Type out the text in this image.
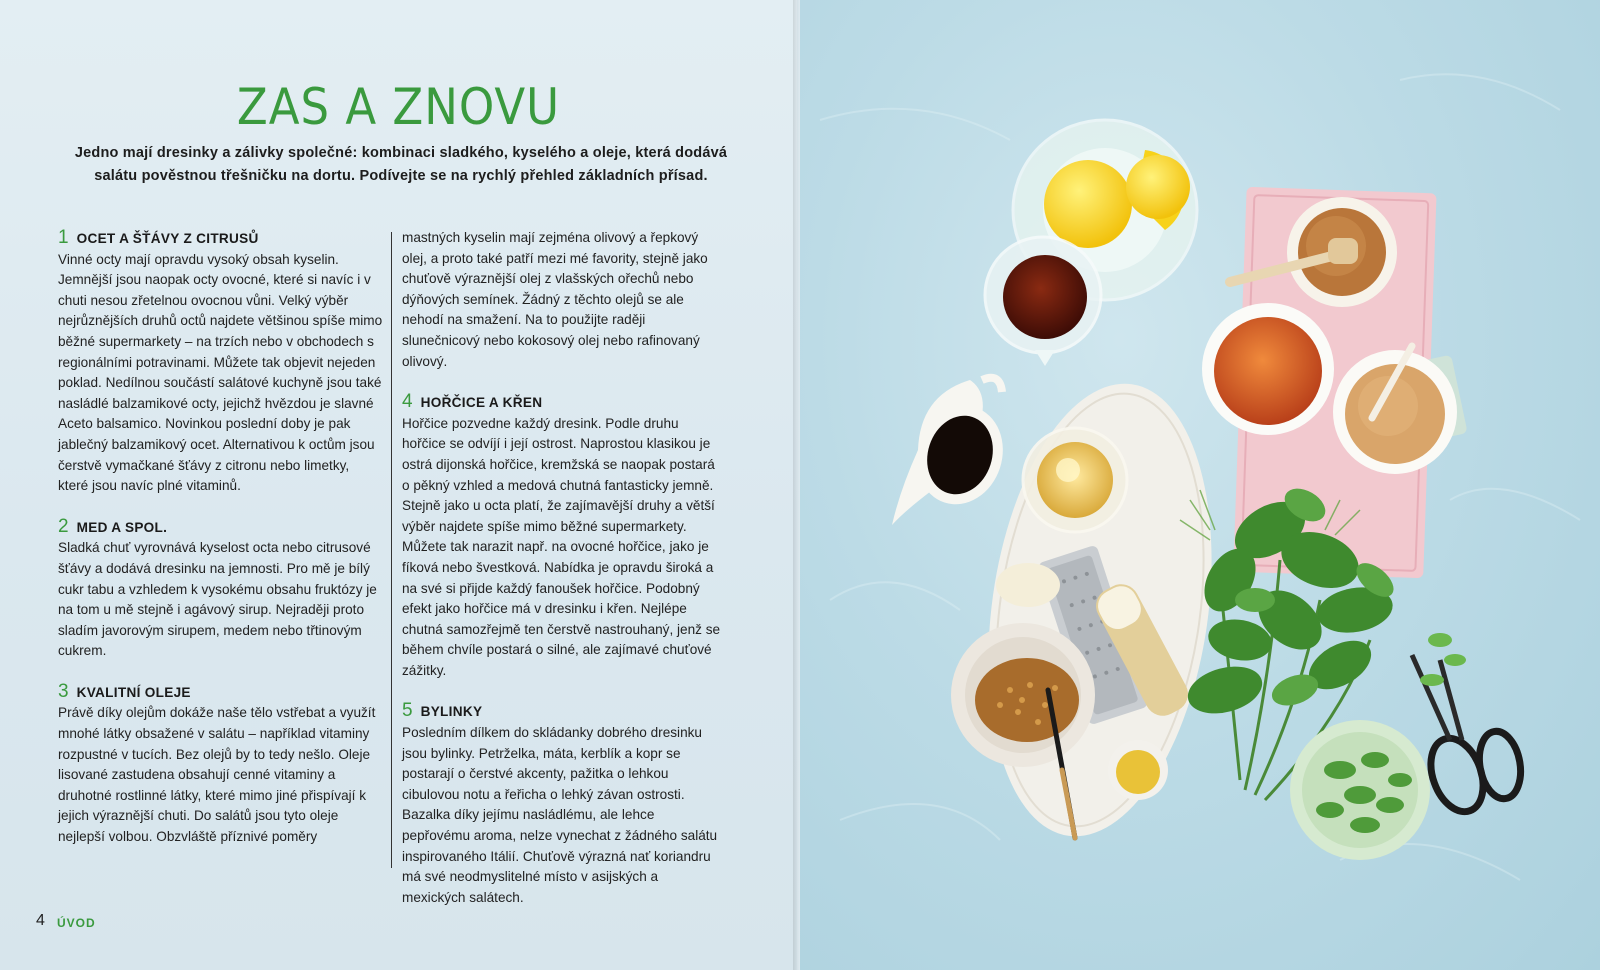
ZAS A ZNOVU
Jedno mají dresinky a zálivky společné: kombinaci sladkého, kyselého a oleje, která dodává salátu pověstnou třešničku na dortu. Podívejte se na rychlý přehled základních přísad.
1 OCET A ŠŤÁVY Z CITRUSŮ

Vinné octy mají opravdu vysoký obsah kyselin. Jemnější jsou naopak octy ovocné, které si navíc i v chuti nesou zřetelnou ovocnou vůni. Velký výběr nejrůznějších druhů octů najdete většinou spíše mimo běžné supermarkety – na trzích nebo v obchodech s regionálními potravinami. Můžete tak objevit nejeden poklad. Nedílnou součástí salátové kuchyně jsou také nasládlé balzamikové octy, jejichž hvězdou je slavné Aceto balsamico. Novinkou poslední doby je pak jablečný balzamikový ocet. Alternativou k octům jsou čerstvě vymačkané šťávy z citronu nebo limetky, které jsou navíc plné vitaminů.

2 MED A SPOL.

Sladká chuť vyrovnává kyselost octa nebo citrusové šťávy a dodává dresinku na jemnosti. Pro mě je bílý cukr tabu a vzhledem k vysokému obsahu fruktózy je na tom u mě stejně i agávový sirup. Nejraději proto sladím javorovým sirupem, medem nebo třtinovým cukrem.

3 KVALITNÍ OLEJE

Právě díky olejům dokáže naše tělo vstřebat a využít mnohé látky obsažené v salátu – například vitaminy rozpustné v tucích. Bez olejů by to tedy nešlo. Oleje lisované zastudena obsahují cenné vitaminy a druhotné rostlinné látky, které mimo jiné přispívají k jejich výraznější chuti. Do salátů jsou tyto oleje nejlepší volbou. Obzvláště příznivé poměry

mastných kyselin mají zejména olivový a řepkový olej, a proto také patří mezi mé favority, stejně jako chuťově výraznější olej z vlašských ořechů nebo dýňových semínek. Žádný z těchto olejů se ale nehodí na smažení. Na to použijte raději slunečnicový nebo kokosový olej nebo rafinovaný olivový.

4 HOŘČICE A KŘEN

Hořčice pozvedne každý dresink. Podle druhu hořčice se odvíjí i její ostrost. Naprostou klasikou je ostrá dijonská hořčice, kremžská se naopak postará o pěkný vzhled a medová chutná fantasticky jemně. Stejně jako u octa platí, že zajímavější druhy a větší výběr najdete spíše mimo běžné supermarkety. Můžete tak narazit např. na ovocné hořčice, jako je fíková nebo švestková. Nabídka je opravdu široká a na své si přijde každý fanoušek hořčice. Podobný efekt jako hořčice má v dresinku i křen. Nejlépe chutná samozřejmě ten čerstvě nastrouhaný, jenž se během chvíle postará o silné, ale zajímavé chuťové zážitky.

5 BYLINKY

Posledním dílkem do skládanky dobrého dresinku jsou bylinky. Petrželka, máta, kerblík a kopr se postarají o čerstvé akcenty, pažitka o lehkou cibulovou notu a řeřicha o lehký závan ostrosti. Bazalka díky jejímu nasládlému, ale lehce pepřovému aroma, nelze vynechat z žádného salátu inspirovaného Itálií. Chuťově výrazná nať koriandru má své neodmyslitelné místo v asijských a mexických salátech.

4 ÚVOD
